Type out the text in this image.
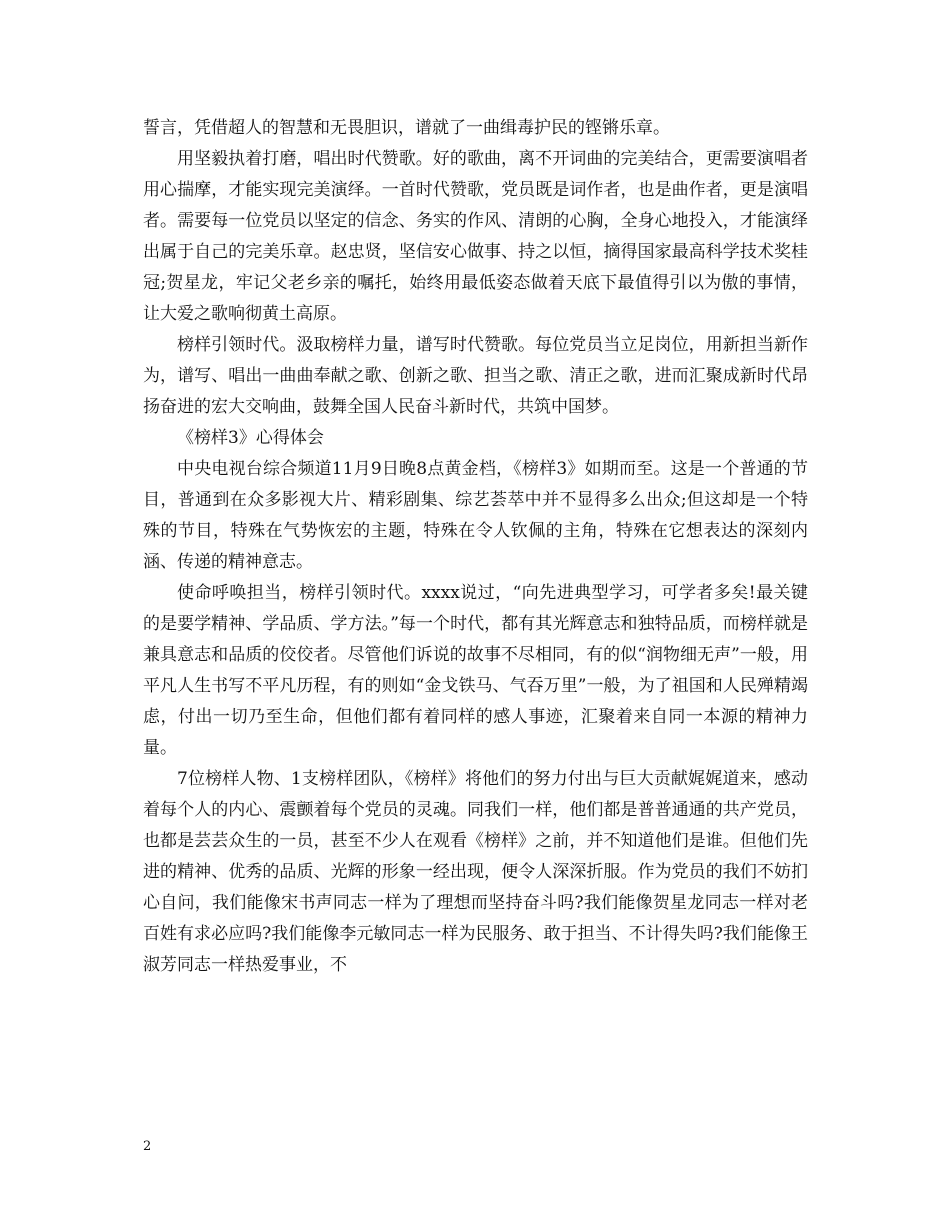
誓言，凭借超人的智慧和无畏胆识，谱就了一曲缉毒护民的铿锵乐章。

用坚毅执着打磨，唱出时代赞歌。好的歌曲，离不开词曲的完美结合，更需要演唱者用心揣摩，才能实现完美演绎。一首时代赞歌，党员既是词作者，也是曲作者，更是演唱者。需要每一位党员以坚定的信念、务实的作风、清朗的心胸，全身心地投入，才能演绎出属于自己的完美乐章。赵忠贤，坚信安心做事、持之以恒，摘得国家最高科学技术奖桂冠;贺星龙，牢记父老乡亲的嘱托，始终用最低姿态做着天底下最值得引以为傲的事情，让大爱之歌响彻黄土高原。

榜样引领时代。汲取榜样力量，谱写时代赞歌。每位党员当立足岗位，用新担当新作为，谱写、唱出一曲曲奉献之歌、创新之歌、担当之歌、清正之歌，进而汇聚成新时代昂扬奋进的宏大交响曲，鼓舞全国人民奋斗新时代，共筑中国梦。

《榜样3》心得体会

中央电视台综合频道11月9日晚8点黄金档，《榜样3》如期而至。这是一个普通的节目，普通到在众多影视大片、精彩剧集、综艺荟萃中并不显得多么出众;但这却是一个特殊的节目，特殊在气势恢宏的主题，特殊在令人钦佩的主角，特殊在它想表达的深刻内涵、传递的精神意志。

使命呼唤担当，榜样引领时代。xxxx说过，“向先进典型学习，可学者多矣!最关键的是要学精神、学品质、学方法。”每一个时代，都有其光辉意志和独特品质，而榜样就是兼具意志和品质的佼佼者。尽管他们诉说的故事不尽相同，有的似“润物细无声”一般，用平凡人生书写不平凡历程，有的则如“金戈铁马、气吞万里”一般，为了祖国和人民殚精竭虑，付出一切乃至生命，但他们都有着同样的感人事迹，汇聚着来自同一本源的精神力量。

7位榜样人物、1支榜样团队，《榜样》将他们的努力付出与巨大贡献娓娓道来，感动着每个人的内心、震颤着每个党员的灵魂。同我们一样，他们都是普普通通的共产党员，也都是芸芸众生的一员，甚至不少人在观看《榜样》之前，并不知道他们是谁。但他们先进的精神、优秀的品质、光辉的形象一经出现，便令人深深折服。作为党员的我们不妨扪心自问，我们能像宋书声同志一样为了理想而坚持奋斗吗?我们能像贺星龙同志一样对老百姓有求必应吗?我们能像李元敏同志一样为民服务、敢于担当、不计得失吗?我们能像王淑芳同志一样热爱事业，不

2
